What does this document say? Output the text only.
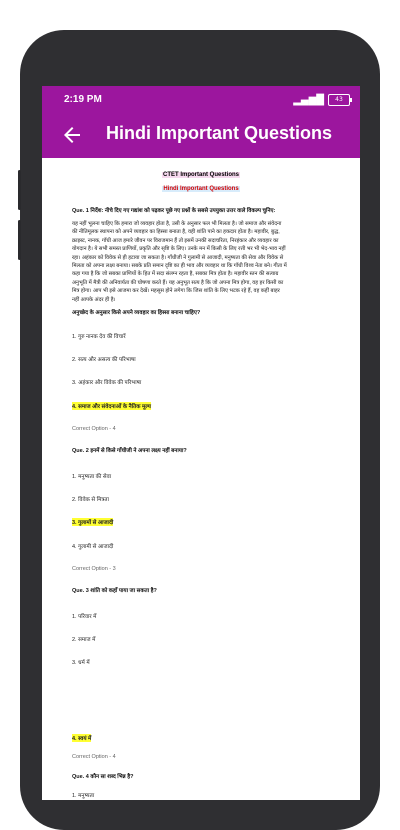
2:19 PM	▂▄▆█	43
Hindi Important Questions
CTET Important Questions
Hindi Important Questions
Que. 1 निर्देश: नीचे दिए गए गद्यांश को पढ़कर पूछे गए प्रश्नों के सबसे उपयुक्त उत्तर वाले विकल्प चुनिए:

यह नहीं भूलना चाहिए कि हमारा जो व्यवहार होता है, उसी के अनुसार फल भी मिलता है। जो समाज और संवेदना

की नीतिमूलक स्थापना को अपने व्यवहार का हिस्सा बनाता है, वही शांति पाने का हकदार होता है। महावीर, बुद्ध,

क्राइस्ट, नानक, गाँधी आज हमारे जीवन पर विराजमान हैं तो इसमें उनकी सदाचरिता, निरहंकार और व्यवहार का

योगदान है। ये सभी समस्त प्राणियों, प्रकृति और सृष्टि के लिए। उनके मन में किसी के लिए रत्ती भर भी भेद-भाव नहीं

रहा। अहंकार को विवेक से ही हटाया जा सकता है। गाँधीजी ने गुलामी से आजादी, मनुष्यता की सेवा और विवेक से

मिलता को अपना लक्ष्य बनाया। सबके प्रति समान दृष्टि का ही भाव और व्यवहार था कि गाँधी विश्व नेता बने। गीता में

कहा गया है कि जो सबका प्राणियों के हित में सदा संलग्न रहता है, सबका मित्र होता है। महावीर स्तन की सत्याग्र

अनुभूति में मैत्री की अनिवार्यता की घोषणा करते हैं। यह अनुभूत सत्य है कि जो अपना मित्र होगा, वह हर किसी का

मित्र होगा। आप भी इसे आजमा कर देखें। महसूस होने लगेगा कि जिस शांति के लिए भटक रहे हैं, वह कहीं बाहर

नहीं आपके अंदर ही है।

अनुच्छेद के अनुसार किसे अपने व्यवहार का हिस्सा बनाना चाहिए?
1. गुरु नानक देव की विचारें
2. सत्य और असत्य की परिभाषा
3. अहंकार और विवेक की परिभाषा
4. समाज और संवेदनाओं के नैतिक मूल्य
Correct Option - 4
Que. 2 इनमें से किसे गाँधीजी ने अपना लक्ष्य नहीं बनाया?
1. मनुष्यता की सेवा
2. विवेक से मित्रता
3. गुलामों से आजादी
4. गुलामी से आजादी
Correct Option - 3
Que. 3 शांति को कहाँ पाया जा सकता है?
1. परिवार में
2. समाज में
3. धर्म में
4. स्वयं में
Correct Option - 4
Que. 4 कौन सा शब्द भिन्न है?
1. मनुष्यता
